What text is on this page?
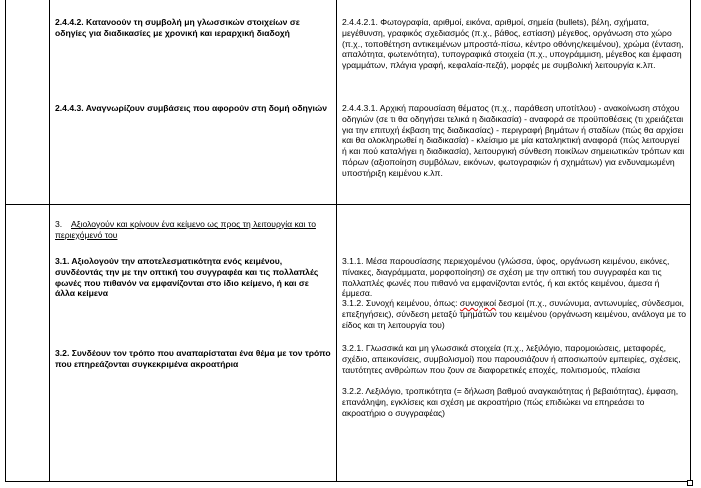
2.4.4.2. Κατανοούν τη συμβολή μη γλωσσικών στοιχείων σε οδηγίες για διαδικασίες με χρονική και ιεραρχική διαδοχή

2.4.4.3. Αναγνωρίζουν συμβάσεις που αφορούν στη δομή οδηγιών

2.4.4.2.1. Φωτογραφία, αριθμοί, εικόνα, αριθμοί, σημεία (bullets), βέλη, σχήματα, μεγέθυνση, γραφικός σχεδιασμός (π.χ., βάθος, εστίαση) μέγεθος, οργάνωση στο χώρο (π.χ., τοποθέτηση αντικειμένων μπροστά-πίσω, κέντρο οθόνης/κειμένου), χρώμα (ένταση, απαλότητα, φωτεινότητα), τυπογραφικά στοιχεία (π.χ., υπογράμμιση, μέγεθος και έμφαση γραμμάτων, πλάγια γραφή, κεφαλαία-πεζά), μορφές με συμβολική λειτουργία κ.λπ.

2.4.4.3.1. Αρχική παρουσίαση θέματος (π.χ., παράθεση υποτίτλου) - ανακοίνωση στόχου οδηγιών (σε τι θα οδηγήσει τελικά η διαδικασία) - αναφορά σε προϋποθέσεις (τι χρειάζεται για την επιτυχή έκβαση της διαδικασίας) - περιγραφή βημάτων ή σταδίων (πώς θα αρχίσει και θα ολοκληρωθεί η διαδικασία) - κλείσιμο με μία καταληκτική αναφορά (πώς λειτουργεί ή και πού καταλήγει η διαδικασία), λειτουργική σύνθεση ποικίλων σημειωτικών τρόπων και πόρων (αξιοποίηση συμβόλων, εικόνων, φωτογραφιών ή σχημάτων) για ενδυναμωμένη υποστήριξη κειμένου κ.λπ.

3. Αξιολογούν και κρίνουν ένα κείμενο ως προς τη λειτουργία και το περιεχόμενό του

3.1. Αξιολογούν την αποτελεσματικότητα ενός κειμένου, συνδέοντάς την με την οπτική του συγγραφέα και τις πολλαπλές φωνές που πιθανόν να εμφανίζονται στο ίδιο κείμενο, ή και σε άλλα κείμενα

3.2. Συνδέουν τον τρόπο που αναπαρίσταται ένα θέμα με τον τρόπο που επηρεάζονται συγκεκριμένα ακροατήρια

3.1.1. Μέσα παρουσίασης περιεχομένου (γλώσσα, ύφος, οργάνωση κειμένου, εικόνες, πίνακες, διαγράμματα, μορφοποίηση) σε σχέση με την οπτική του συγγραφέα και τις πολλαπλές φωνές που πιθανό να εμφανίζονται εντός, ή και εκτός κειμένου, άμεσα ή έμμεσα.

3.1.2. Συνοχή κειμένου, όπως: συνοχικοί δεσμοί (π.χ., συνώνυμα, αντωνυμίες, σύνδεσμοι, επεξηγήσεις), σύνδεση μεταξύ τμημάτων του κειμένου (οργάνωση κειμένου, ανάλογα με το είδος και τη λειτουργία του)

3.2.1. Γλωσσικά και μη γλωσσικά στοιχεία (π.χ., λεξιλόγιο, παρομοιώσεις, μεταφορές, σχέδιο, απεικονίσεις, συμβολισμοί) που παρουσιάζουν ή αποσιωπούν εμπειρίες, σχέσεις, ταυτότητες ανθρώπων που ζουν σε διαφορετικές εποχές, πολιτισμούς, πλαίσια

3.2.2. Λεξιλόγιο, τροπικότητα (= δήλωση βαθμού αναγκαιότητας ή βεβαιότητας), έμφαση, επανάληψη, εγκλίσεις και σχέση με ακροατήριο (πώς επιδιώκει να επηρεάσει το ακροατήριο ο συγγραφέας)
